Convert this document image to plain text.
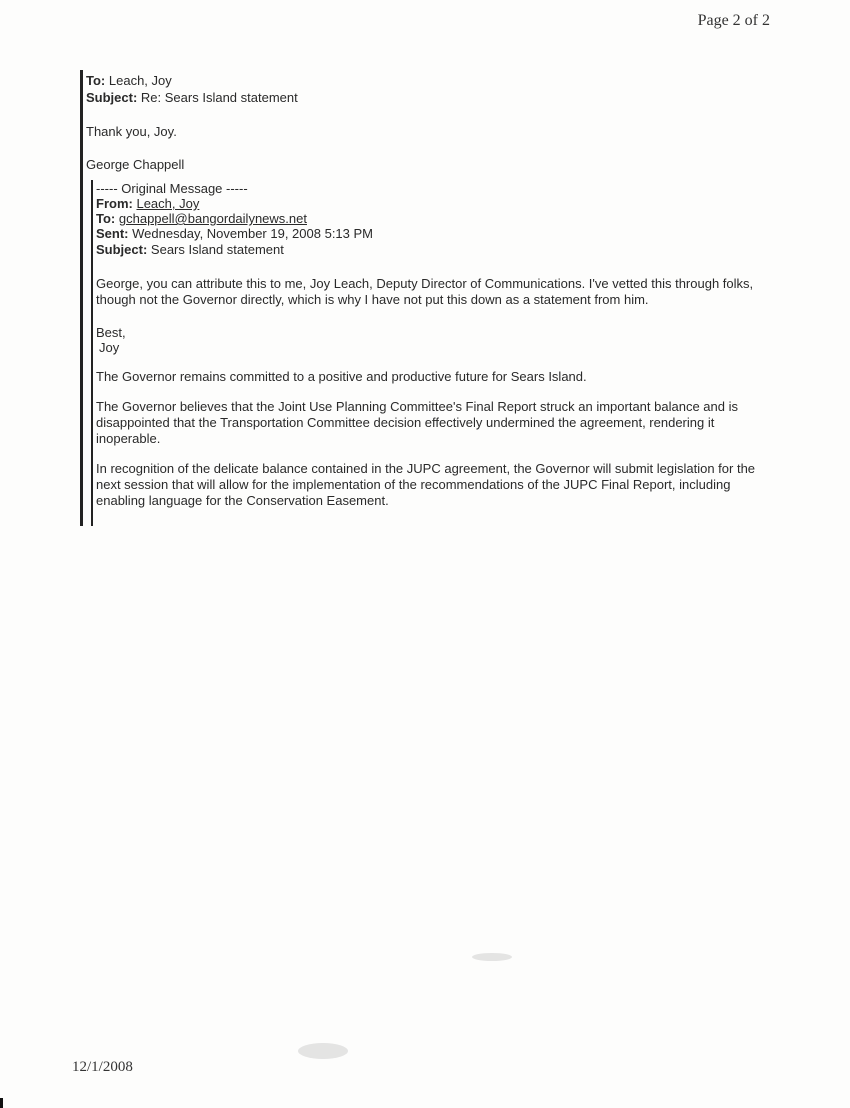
Page 2 of 2
To: Leach, Joy
Subject: Re: Sears Island statement
Thank you, Joy.
George Chappell
----- Original Message -----
From: Leach, Joy
To: gchappell@bangordailynews.net
Sent: Wednesday, November 19, 2008 5:13 PM
Subject: Sears Island statement
George, you can attribute this to me, Joy Leach, Deputy Director of Communications. I've vetted this through folks, though not the Governor directly, which is why I have not put this down as a statement from him.
Best,
Joy
The Governor remains committed to a positive and productive future for Sears Island.
The Governor believes that the Joint Use Planning Committee's Final Report struck an important balance and is disappointed that the Transportation Committee decision effectively undermined the agreement, rendering it inoperable.
In recognition of the delicate balance contained in the JUPC agreement, the Governor will submit legislation for the next session that will allow for the implementation of the recommendations of the JUPC Final Report, including enabling language for the Conservation Easement.
12/1/2008
